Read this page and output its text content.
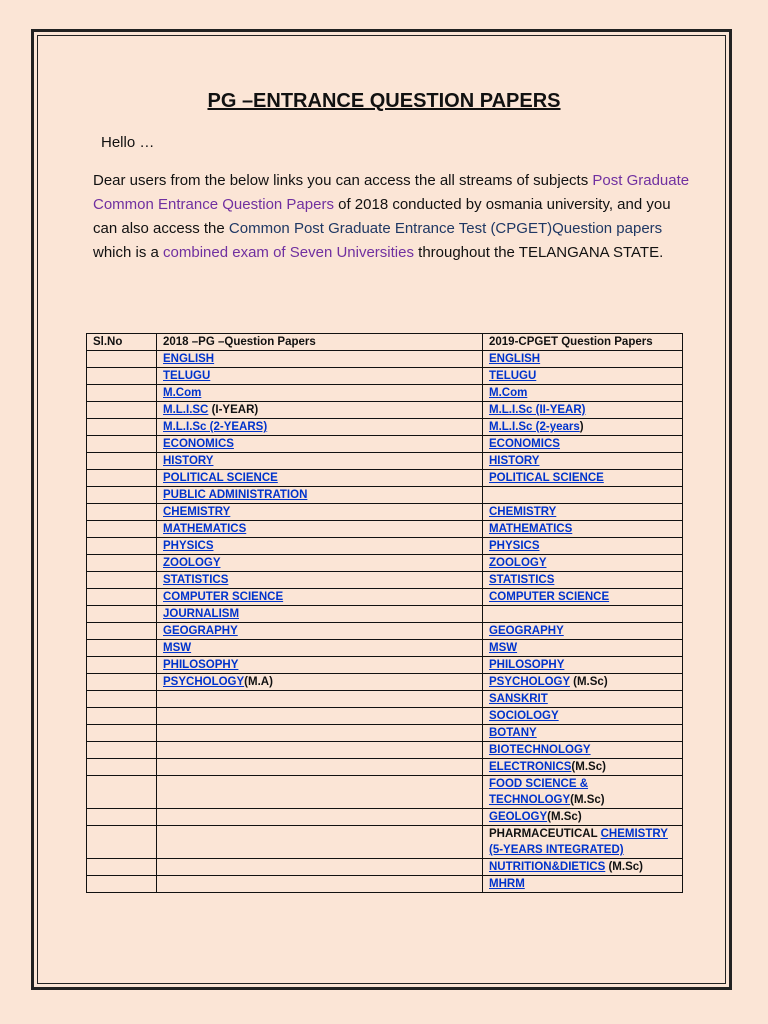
PG –ENTRANCE QUESTION PAPERS

Hello …

Dear users from the below links you can access the all streams of subjects Post Graduate Common Entrance Question Papers of 2018 conducted by osmania university, and you can also access the Common Post Graduate Entrance Test (CPGET)Question papers which is a combined exam of Seven Universities throughout the TELANGANA STATE.

Sl.No	2018 –PG –Question Papers	2019-CPGET Question Papers
	ENGLISH	ENGLISH
	TELUGU	TELUGU
	M.Com	M.Com
	M.L.I.SC (I-YEAR)	M.L.I.Sc (II-YEAR)
	M.L.I.Sc (2-YEARS)	M.L.I.Sc (2-years)
	ECONOMICS	ECONOMICS
	HISTORY	HISTORY
	POLITICAL SCIENCE	POLITICAL SCIENCE
	PUBLIC ADMINISTRATION	
	CHEMISTRY	CHEMISTRY
	MATHEMATICS	MATHEMATICS
	PHYSICS	PHYSICS
	ZOOLOGY	ZOOLOGY
	STATISTICS	STATISTICS
	COMPUTER SCIENCE	COMPUTER SCIENCE
	JOURNALISM	
	GEOGRAPHY	GEOGRAPHY
	MSW	MSW
	PHILOSOPHY	PHILOSOPHY
	PSYCHOLOGY(M.A)	PSYCHOLOGY (M.Sc)
		SANSKRIT
		SOCIOLOGY
		BOTANY
		BIOTECHNOLOGY
		ELECTRONICS(M.Sc)
		FOOD SCIENCE & TECHNOLOGY(M.Sc)
		GEOLOGY(M.Sc)
		PHARMACEUTICAL CHEMISTRY (5-YEARS INTEGRATED)
		NUTRITION&DIETICS (M.Sc)
		MHRM
